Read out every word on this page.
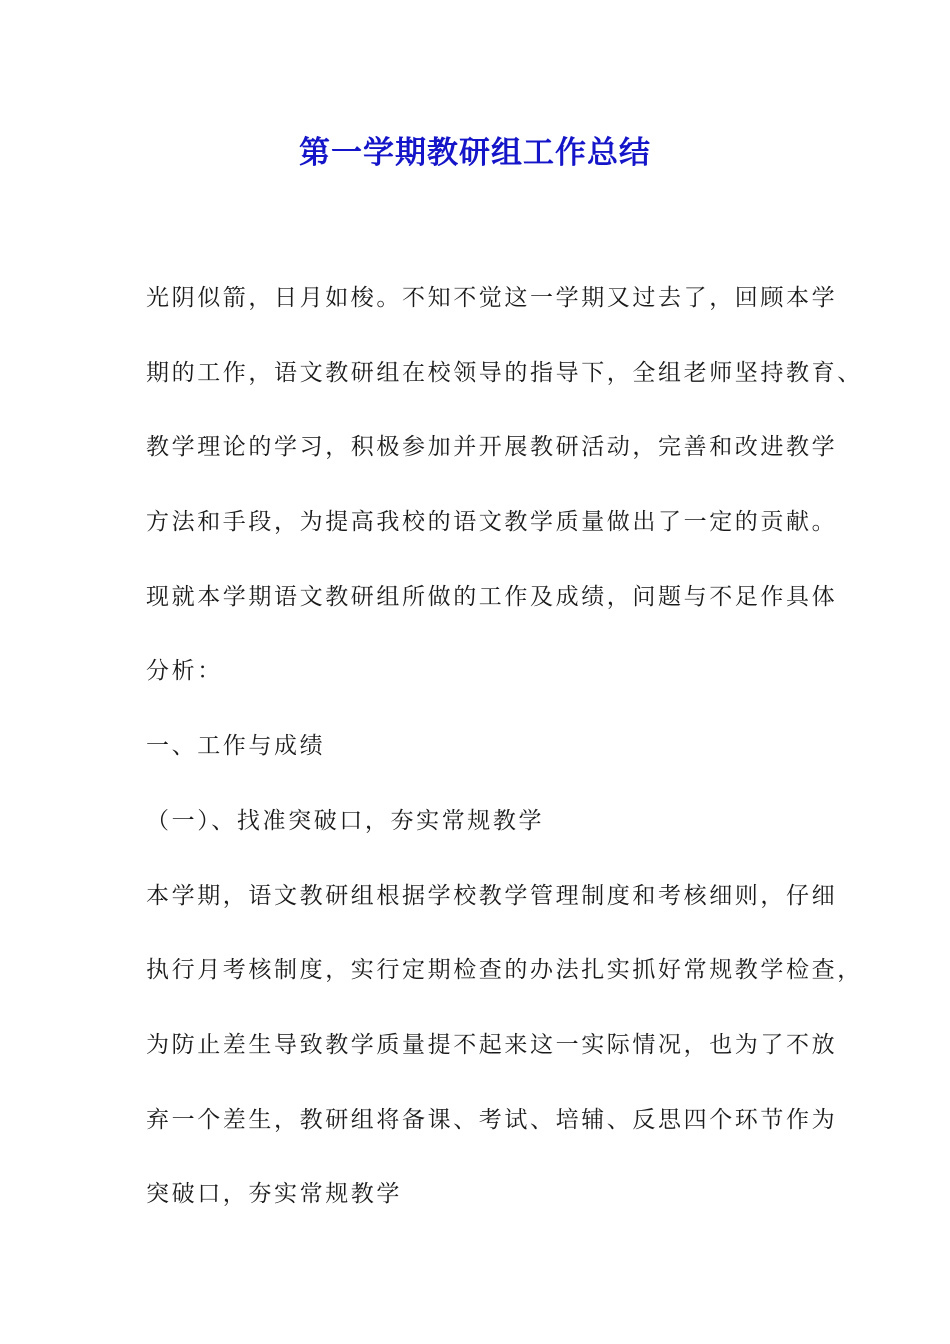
第一学期教研组工作总结
光阴似箭，日月如梭。不知不觉这一学期又过去了，回顾本学
期的工作，语文教研组在校领导的指导下，全组老师坚持教育、
教学理论的学习，积极参加并开展教研活动，完善和改进教学
方法和手段，为提高我校的语文教学质量做出了一定的贡献。
现就本学期语文教研组所做的工作及成绩，问题与不足作具体
分析：
一、工作与成绩
（一）、找准突破口，夯实常规教学
本学期，语文教研组根据学校教学管理制度和考核细则，仔细
执行月考核制度，实行定期检查的办法扎实抓好常规教学检查，
为防止差生导致教学质量提不起来这一实际情况，也为了不放
弃一个差生，教研组将备课、考试、培辅、反思四个环节作为
突破口，夯实常规教学
